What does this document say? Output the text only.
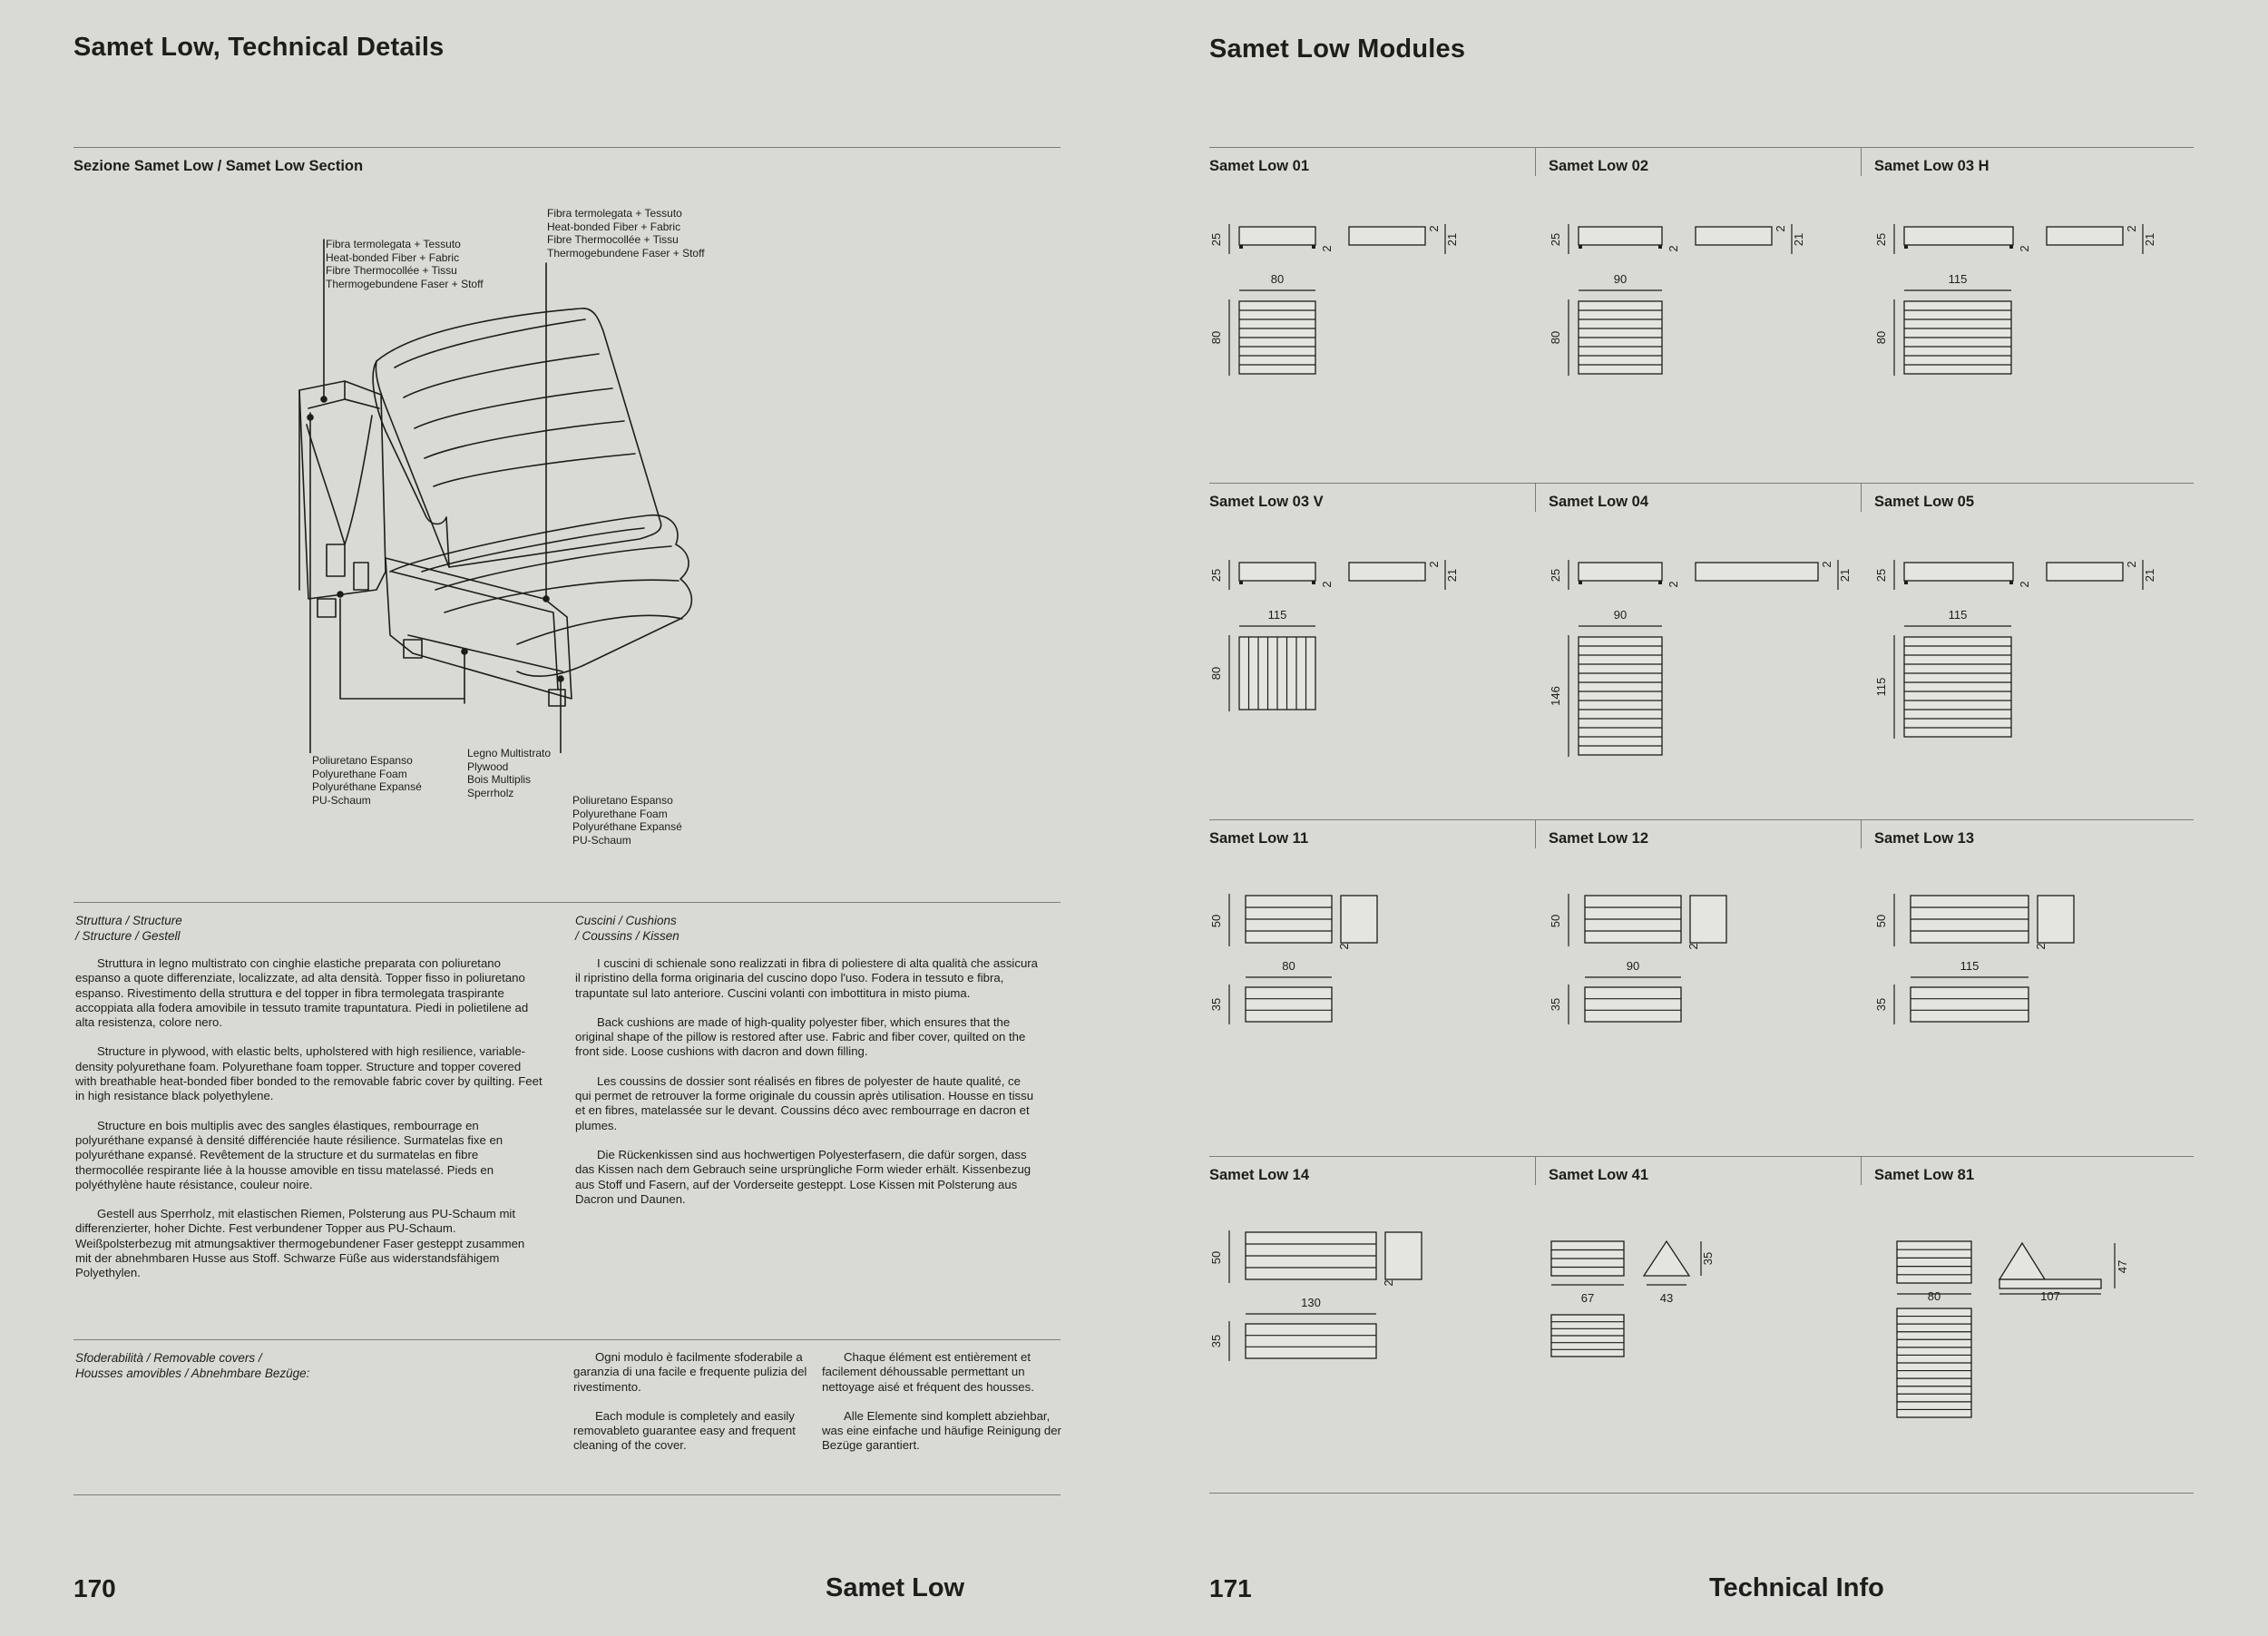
Samet Low, Technical Details
Sezione Samet Low / Samet Low Section
Fibra termolegata + Tessuto
Heat-bonded Fiber + Fabric
Fibre Thermocollée + Tissu
Thermogebundene Faser + Stoff
Fibra termolegata + Tessuto
Heat-bonded Fiber + Fabric
Fibre Thermocollée + Tissu
Thermogebundene Faser + Stoff
Poliuretano Espanso
Polyurethane Foam
Polyuréthane Expansé
PU-Schaum
Legno Multistrato
Plywood
Bois Multiplis
Sperrholz
Poliuretano Espanso
Polyurethane Foam
Polyuréthane Expansé
PU-Schaum
Struttura / Structure
/ Structure / Gestell

Struttura in legno multistrato con cinghie elastiche preparata con poliuretano espanso a quote differenziate, localizzate, ad alta densità. Topper fisso in poliuretano espanso. Rivestimento della struttura e del topper in fibra termolegata traspirante accoppiata alla fodera amovibile in tessuto tramite trapuntatura. Piedi in polietilene ad alta resistenza, colore nero.

Structure in plywood, with elastic belts, upholstered with high resilience, variable-density polyurethane foam. Polyurethane foam topper. Structure and topper covered with breathable heat-bonded fiber bonded to the removable fabric cover by quilting. Feet in high resistance black polyethylene.

Structure en bois multiplis avec des sangles élastiques, rembourrage en polyuréthane expansé à densité différenciée haute résilience. Surmatelas fixe en polyuréthane expansé. Revêtement de la structure et du surmatelas en fibre thermocollée respirante liée à la housse amovible en tissu matelassé. Pieds en polyéthylène haute résistance, couleur noire.

Gestell aus Sperrholz, mit elastischen Riemen, Polsterung aus PU-Schaum mit differenzierter, hoher Dichte. Fest verbundener Topper aus PU-Schaum. Weißpolsterbezug mit atmungsaktiver thermogebundener Faser gesteppt zusammen mit der abnehmbaren Husse aus Stoff. Schwarze Füße aus widerstandsfähigem Polyethylen.

Cuscini / Cushions
/ Coussins / Kissen

I cuscini di schienale sono realizzati in fibra di poliestere di alta qualità che assicura il ripristino della forma originaria del cuscino dopo l'uso. Fodera in tessuto e fibra, trapuntate sul lato anteriore. Cuscini volanti con imbottitura in misto piuma.

Back cushions are made of high-quality polyester fiber, which ensures that the original shape of the pillow is restored after use. Fabric and fiber cover, quilted on the front side. Loose cushions with dacron and down filling.

Les coussins de dossier sont réalisés en fibres de polyester de haute qualité, ce qui permet de retrouver la forme originale du coussin après utilisation. Housse en tissu et en fibres, matelassée sur le devant. Coussins déco avec rembourrage en dacron et plumes.

Die Rückenkissen sind aus hochwertigen Polyesterfasern, die dafür sorgen, dass das Kissen nach dem Gebrauch seine ursprüngliche Form wieder erhält. Kissenbezug aus Stoff und Fasern, auf der Vorderseite gesteppt. Lose Kissen mit Polsterung aus Dacron und Daunen.

Sfoderabilità / Removable covers /
Housses amovibles / Abnehmbare Bezüge:

Ogni modulo è facilmente sfoderabile a garanzia di una facile e frequente pulizia del rivestimento.

Each module is completely and easily removableto guarantee easy and frequent cleaning of the cover.

Chaque élément est entièrement et facilement déhoussable permettant un nettoyage aisé et fréquent des housses.

Alle Elemente sind komplett abziehbar, was eine einfache und häufige Reinigung der Bezüge garantiert.

170	Samet Low
Samet Low Modules
Samet Low 01
25
2
2
21
80
80
Samet Low 02
25
2
2
21
90
80
Samet Low 03 H
25
2
2
21
115
80
Samet Low 03 V
25
2
2
21
115
80
Samet Low 04
25
2
2
21
90
146
Samet Low 05
25
2
2
21
115
115
Samet Low 11
50
2
80
35
Samet Low 12
50
2
90
35
Samet Low 13
50
2
115
35
Samet Low 14
50
2
130
35
Samet Low 41
35
67	43
Samet Low 81
47
80	107
171	Technical Info
